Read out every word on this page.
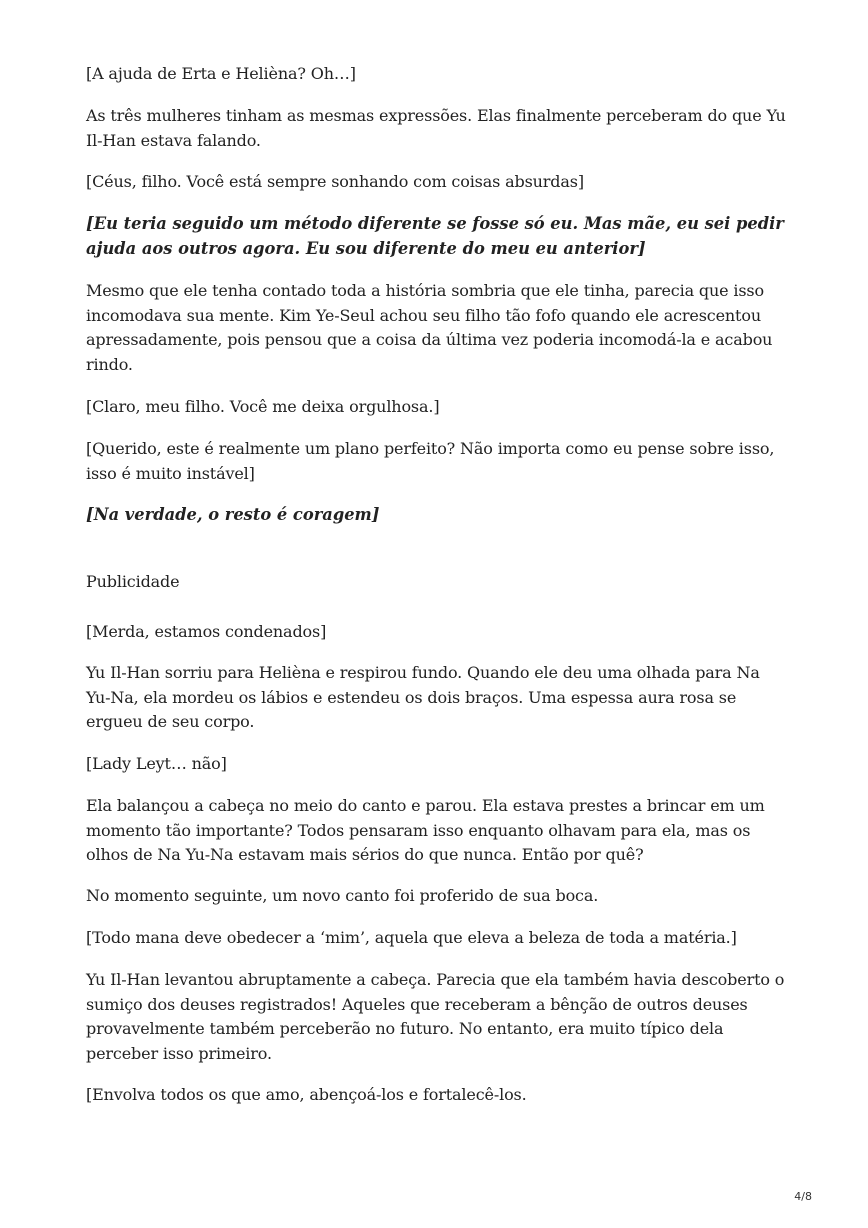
[A ajuda de Erta e Helièna? Oh…]

As três mulheres tinham as mesmas expressões. Elas finalmente perceberam do que Yu Il-Han estava falando.

[Céus, filho. Você está sempre sonhando com coisas absurdas]

[Eu teria seguido um método diferente se fosse só eu. Mas mãe, eu sei pedir ajuda aos outros agora. Eu sou diferente do meu eu anterior]

Mesmo que ele tenha contado toda a história sombria que ele tinha, parecia que isso incomodava sua mente. Kim Ye-Seul achou seu filho tão fofo quando ele acrescentou apressadamente, pois pensou que a coisa da última vez poderia incomodá-la e acabou rindo.

[Claro, meu filho. Você me deixa orgulhosa.]

[Querido, este é realmente um plano perfeito? Não importa como eu pense sobre isso, isso é muito instável]

[Na verdade, o resto é coragem]

Publicidade

[Merda, estamos condenados]

Yu Il-Han sorriu para Helièna e respirou fundo. Quando ele deu uma olhada para Na Yu-Na, ela mordeu os lábios e estendeu os dois braços. Uma espessa aura rosa se ergueu de seu corpo.

[Lady Leyt… não]

Ela balançou a cabeça no meio do canto e parou. Ela estava prestes a brincar em um momento tão importante? Todos pensaram isso enquanto olhavam para ela, mas os olhos de Na Yu-Na estavam mais sérios do que nunca. Então por quê?

No momento seguinte, um novo canto foi proferido de sua boca.

[Todo mana deve obedecer a ‘mim’, aquela que eleva a beleza de toda a matéria.]

Yu Il-Han levantou abruptamente a cabeça. Parecia que ela também havia descoberto o sumiço dos deuses registrados! Aqueles que receberam a bênção de outros deuses provavelmente também perceberão no futuro. No entanto, era muito típico dela perceber isso primeiro.

[Envolva todos os que amo, abençoá-los e fortalecê-los.

4/8
